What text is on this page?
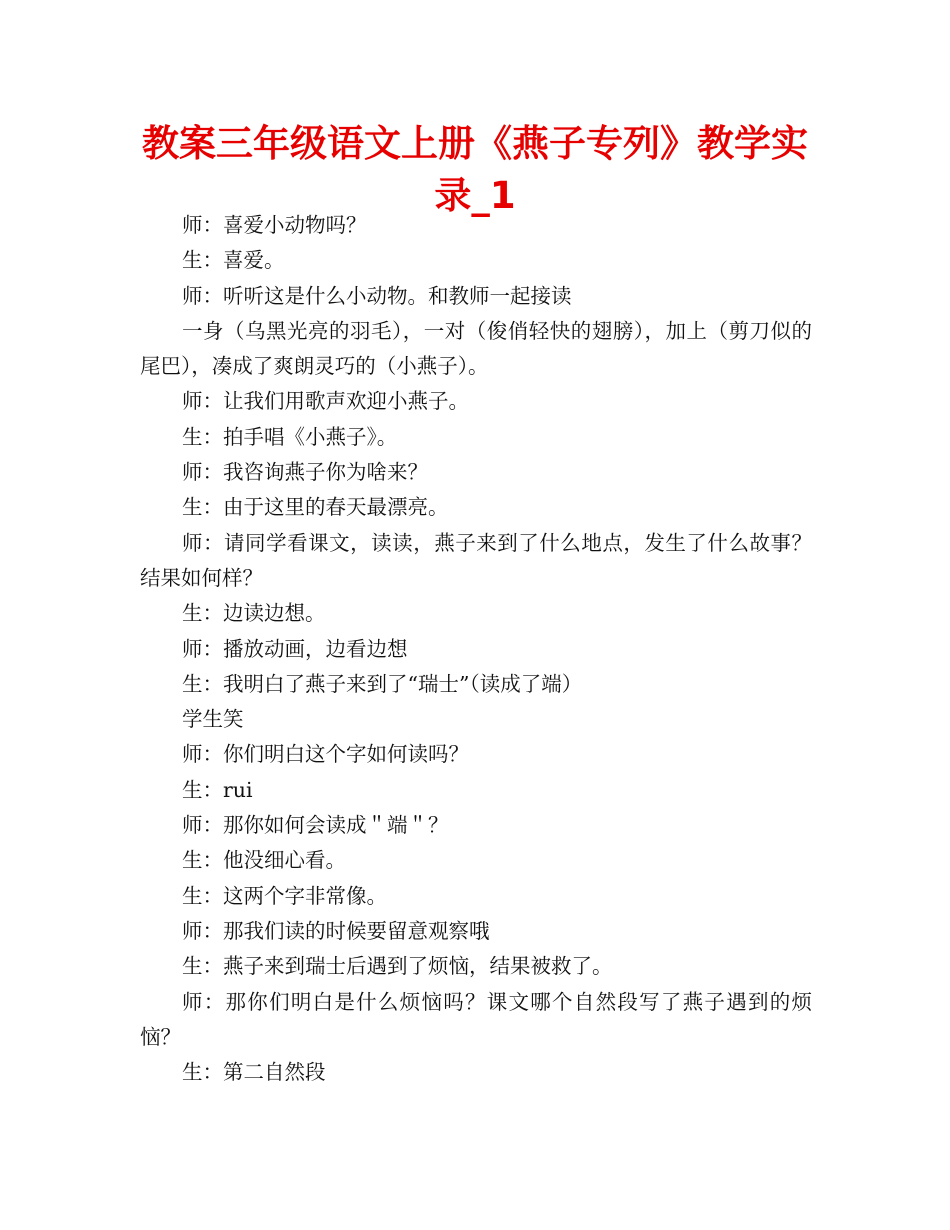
教案三年级语文上册《燕子专列》教学实录_1

师：喜爱小动物吗？

生：喜爱。

师：听听这是什么小动物。和教师一起接读

一身（乌黑光亮的羽毛），一对（俊俏轻快的翅膀），加上（剪刀似的尾巴），凑成了爽朗灵巧的（小燕子）。

师：让我们用歌声欢迎小燕子。

生：拍手唱《小燕子》。

师：我咨询燕子你为啥来？

生：由于这里的春天最漂亮。

师：请同学看课文，读读，燕子来到了什么地点，发生了什么故事？结果如何样？

生：边读边想。

师：播放动画，边看边想

生：我明白了燕子来到了“瑞士”（读成了端）

学生笑

师：你们明白这个字如何读吗？

生：rui

师：那你如何会读成＂端＂？

生：他没细心看。

生：这两个字非常像。

师：那我们读的时候要留意观察哦

生：燕子来到瑞士后遇到了烦恼，结果被救了。

师：那你们明白是什么烦恼吗？课文哪个自然段写了燕子遇到的烦恼？

生：第二自然段
